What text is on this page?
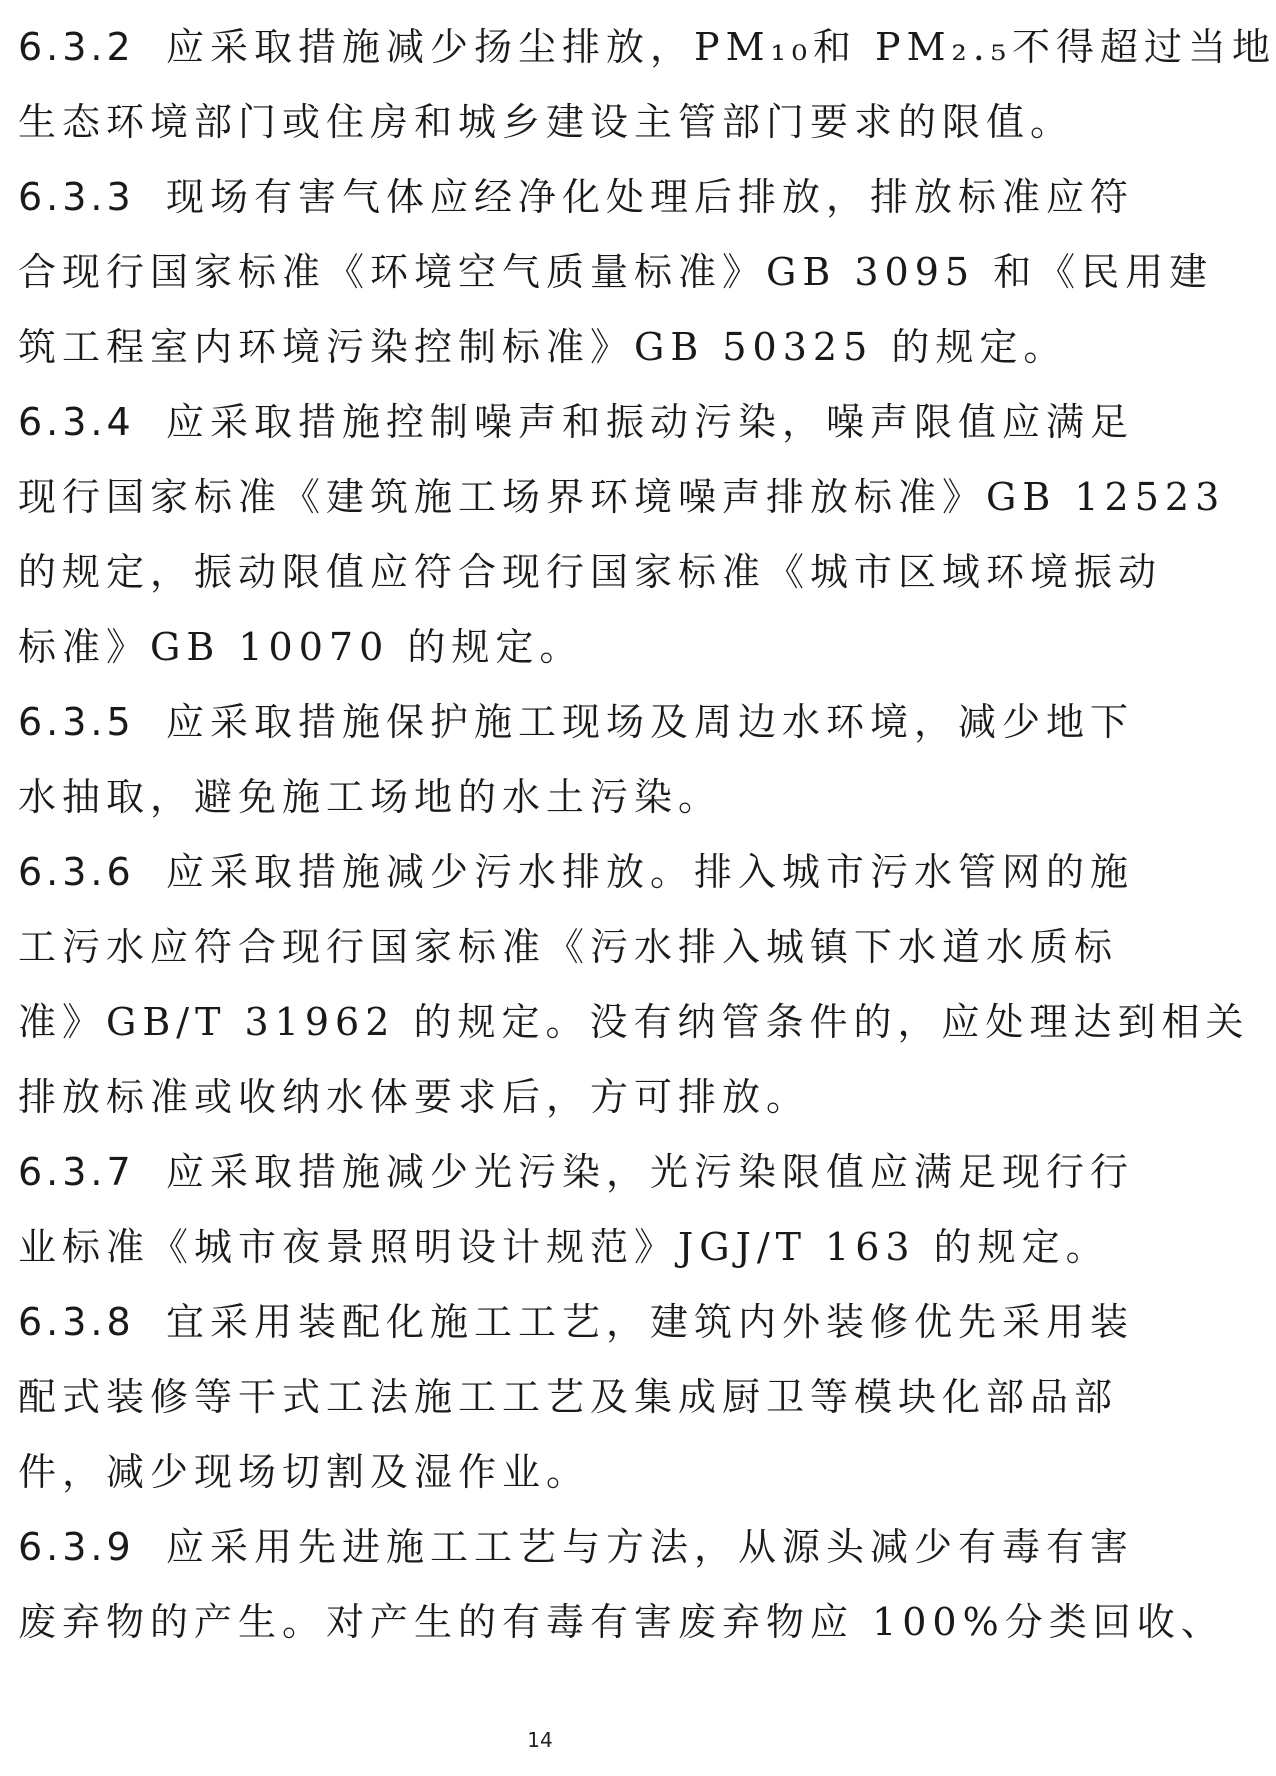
6.3.2 应采取措施减少扬尘排放，PM₁₀和 PM₂.₅不得超过当地
生态环境部门或住房和城乡建设主管部门要求的限值。
6.3.3 现场有害气体应经净化处理后排放，排放标准应符
合现行国家标准《环境空气质量标准》GB 3095 和《民用建
筑工程室内环境污染控制标准》GB 50325 的规定。
6.3.4 应采取措施控制噪声和振动污染，噪声限值应满足
现行国家标准《建筑施工场界环境噪声排放标准》GB 12523
的规定，振动限值应符合现行国家标准《城市区域环境振动
标准》GB 10070 的规定。
6.3.5 应采取措施保护施工现场及周边水环境，减少地下
水抽取，避免施工场地的水土污染。
6.3.6 应采取措施减少污水排放。排入城市污水管网的施
工污水应符合现行国家标准《污水排入城镇下水道水质标
准》GB/T 31962 的规定。没有纳管条件的，应处理达到相关
排放标准或收纳水体要求后，方可排放。
6.3.7 应采取措施减少光污染，光污染限值应满足现行行
业标准《城市夜景照明设计规范》JGJ/T 163 的规定。
6.3.8 宜采用装配化施工工艺，建筑内外装修优先采用装
配式装修等干式工法施工工艺及集成厨卫等模块化部品部
件，减少现场切割及湿作业。
6.3.9 应采用先进施工工艺与方法，从源头减少有毒有害
废弃物的产生。对产生的有毒有害废弃物应 100%分类回收、
14
